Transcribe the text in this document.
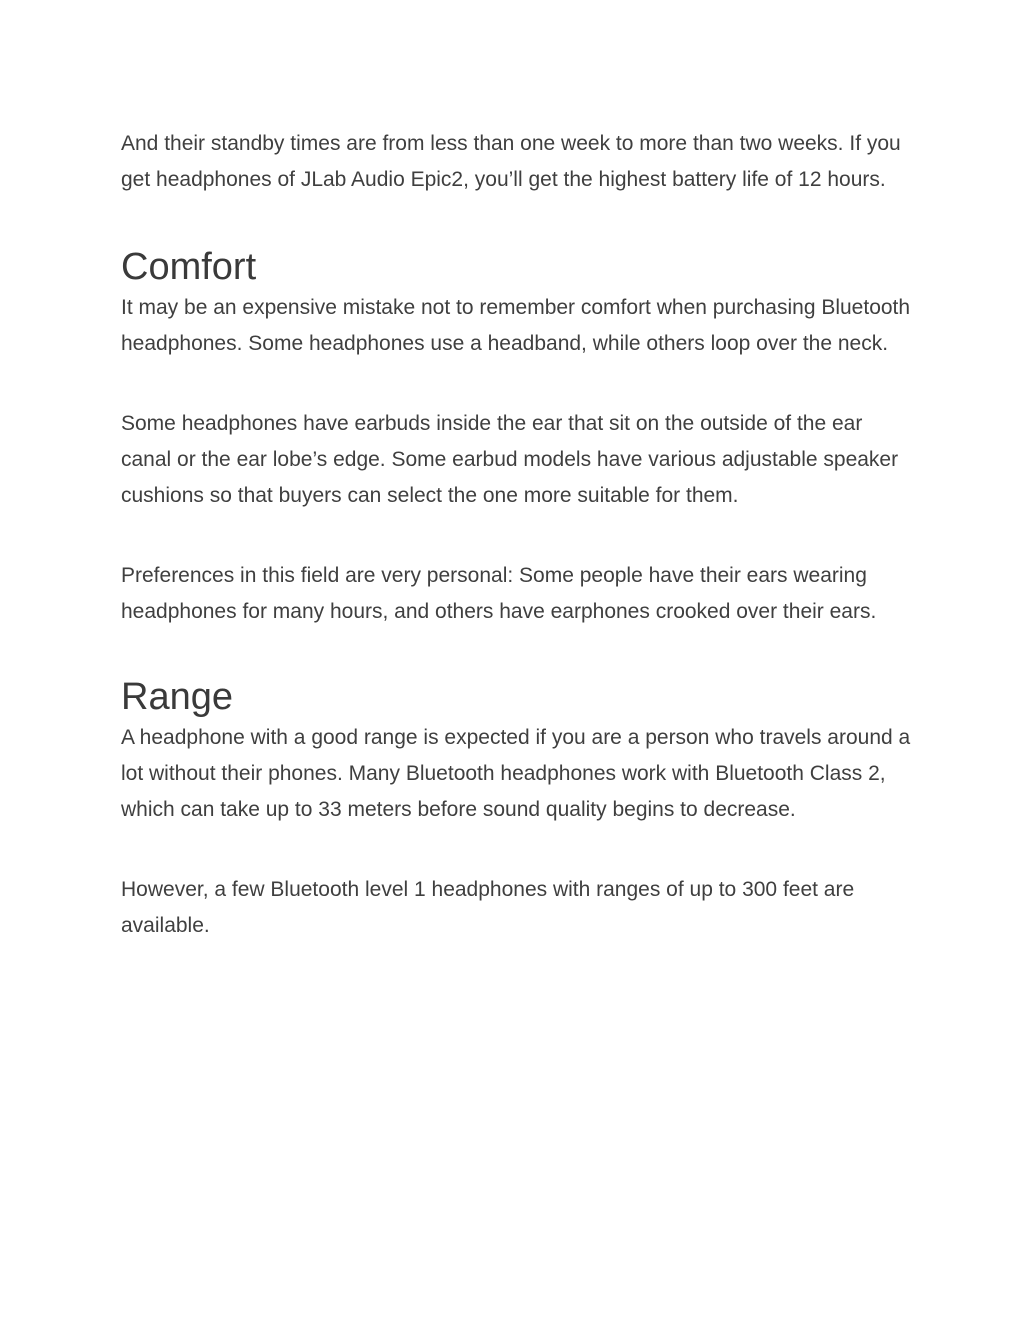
And their standby times are from less than one week to more than two weeks. If you get headphones of JLab Audio Epic2, you’ll get the highest battery life of 12 hours.

Comfort

It may be an expensive mistake not to remember comfort when purchasing Bluetooth headphones. Some headphones use a headband, while others loop over the neck.

Some headphones have earbuds inside the ear that sit on the outside of the ear canal or the ear lobe’s edge. Some earbud models have various adjustable speaker cushions so that buyers can select the one more suitable for them.

Preferences in this field are very personal: Some people have their ears wearing headphones for many hours, and others have earphones crooked over their ears.

Range

A headphone with a good range is expected if you are a person who travels around a lot without their phones. Many Bluetooth headphones work with Bluetooth Class 2, which can take up to 33 meters before sound quality begins to decrease.

However, a few Bluetooth level 1 headphones with ranges of up to 300 feet are available.
